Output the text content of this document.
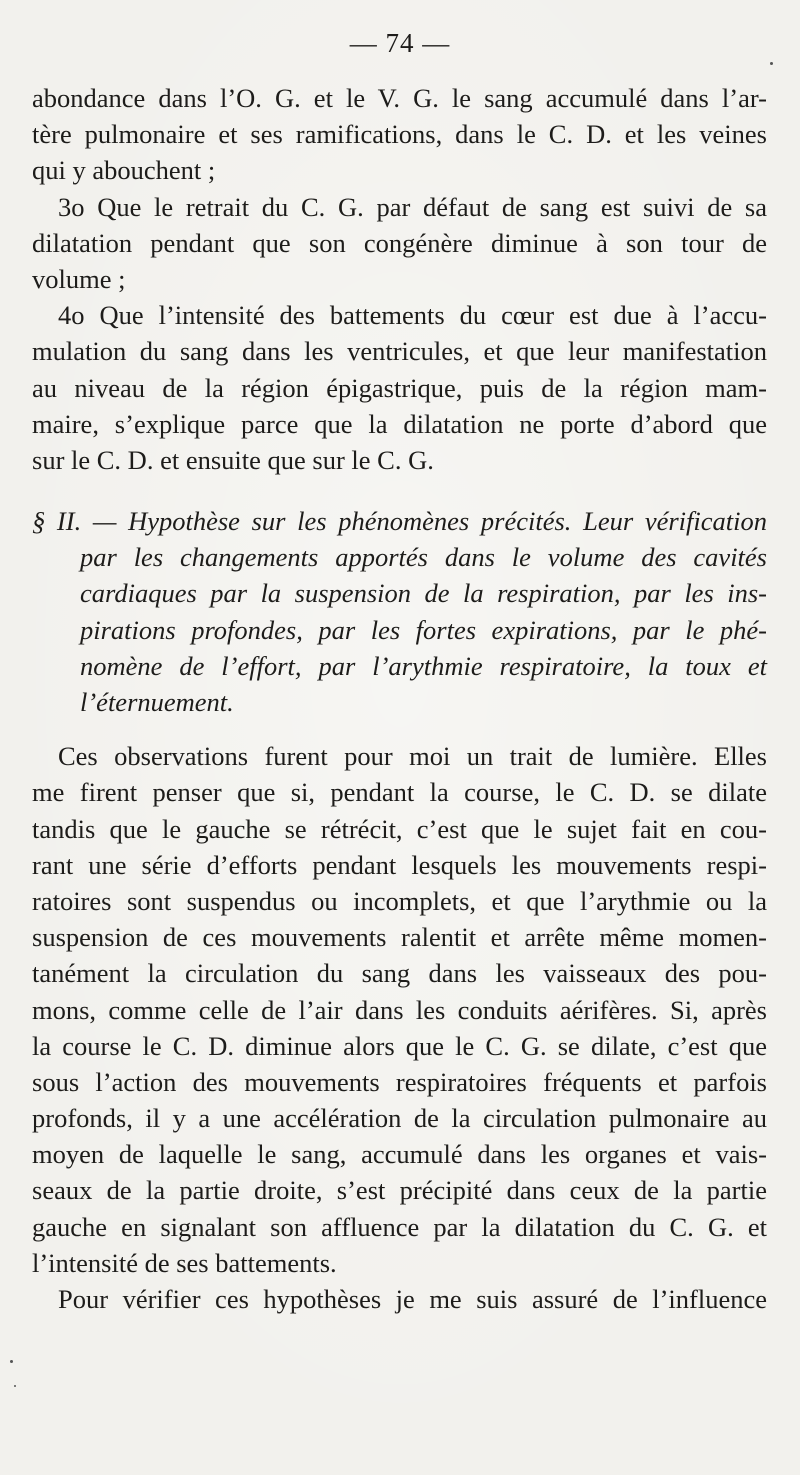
— 74 —
abondance dans l’O. G. et le V. G. le sang accumulé dans l’ar-
tère pulmonaire et ses ramifications, dans le C. D. et les veines
qui y abouchent ;
3o Que le retrait du C. G. par défaut de sang est suivi de sa
dilatation pendant que son congénère diminue à son tour de
volume ;
4o Que l’intensité des battements du cœur est due à l’accu-
mulation du sang dans les ventricules, et que leur manifestation
au niveau de la région épigastrique, puis de la région mam-
maire, s’explique parce que la dilatation ne porte d’abord que
sur le C. D. et ensuite que sur le C. G.
§ II. — Hypothèse sur les phénomènes précités. Leur vérification
par les changements apportés dans le volume des cavités
cardiaques par la suspension de la respiration, par les ins-
pirations profondes, par les fortes expirations, par le phé-
nomène de l’effort, par l’arythmie respiratoire, la toux et
l’éternuement.
Ces observations furent pour moi un trait de lumière. Elles
me firent penser que si, pendant la course, le C. D. se dilate
tandis que le gauche se rétrécit, c’est que le sujet fait en cou-
rant une série d’efforts pendant lesquels les mouvements respi-
ratoires sont suspendus ou incomplets, et que l’arythmie ou la
suspension de ces mouvements ralentit et arrête même momen-
tanément la circulation du sang dans les vaisseaux des pou-
mons, comme celle de l’air dans les conduits aérifères. Si, après
la course le C. D. diminue alors que le C. G. se dilate, c’est que
sous l’action des mouvements respiratoires fréquents et parfois
profonds, il y a une accélération de la circulation pulmonaire au
moyen de laquelle le sang, accumulé dans les organes et vais-
seaux de la partie droite, s’est précipité dans ceux de la partie
gauche en signalant son affluence par la dilatation du C. G. et
l’intensité de ses battements.
Pour vérifier ces hypothèses je me suis assuré de l’influence
